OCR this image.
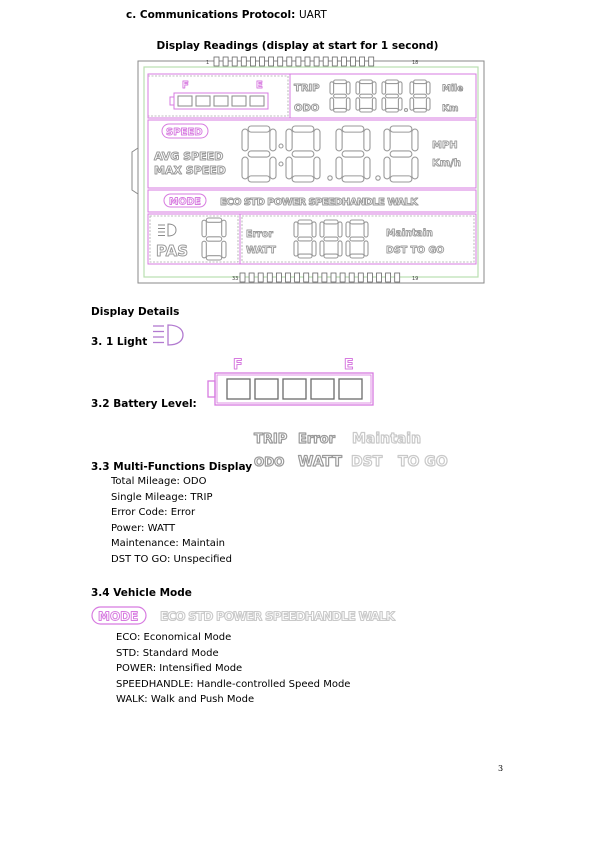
c. Communications Protocol: UART
Display Readings (display at start for 1 second)
1	18
33	19
F	E	TRIP
ODO
Mile
Km
SPEED
AVG SPEED
MAX SPEED
MPH
Km/h
MODE ECO STD POWER SPEEDHANDLE WALK
PAS
Error
WATT
Maintain
DST TO GO
Display Details
3. 1 Light
3.2 Battery Level:
F	E
TRIP Error Maintain
ODO WATT DST TO GO
3.3 Multi-Functions Display
Total Mileage: ODO
Single Mileage: TRIP
Error Code: Error
Power: WATT
Maintenance: Maintain
DST TO GO: Unspecified
3.4 Vehicle Mode
MODE ECO STD POWER SPEEDHANDLE WALK
ECO: Economical Mode
STD: Standard Mode
POWER: Intensified Mode
SPEEDHANDLE: Handle-controlled Speed Mode
WALK: Walk and Push Mode
3
